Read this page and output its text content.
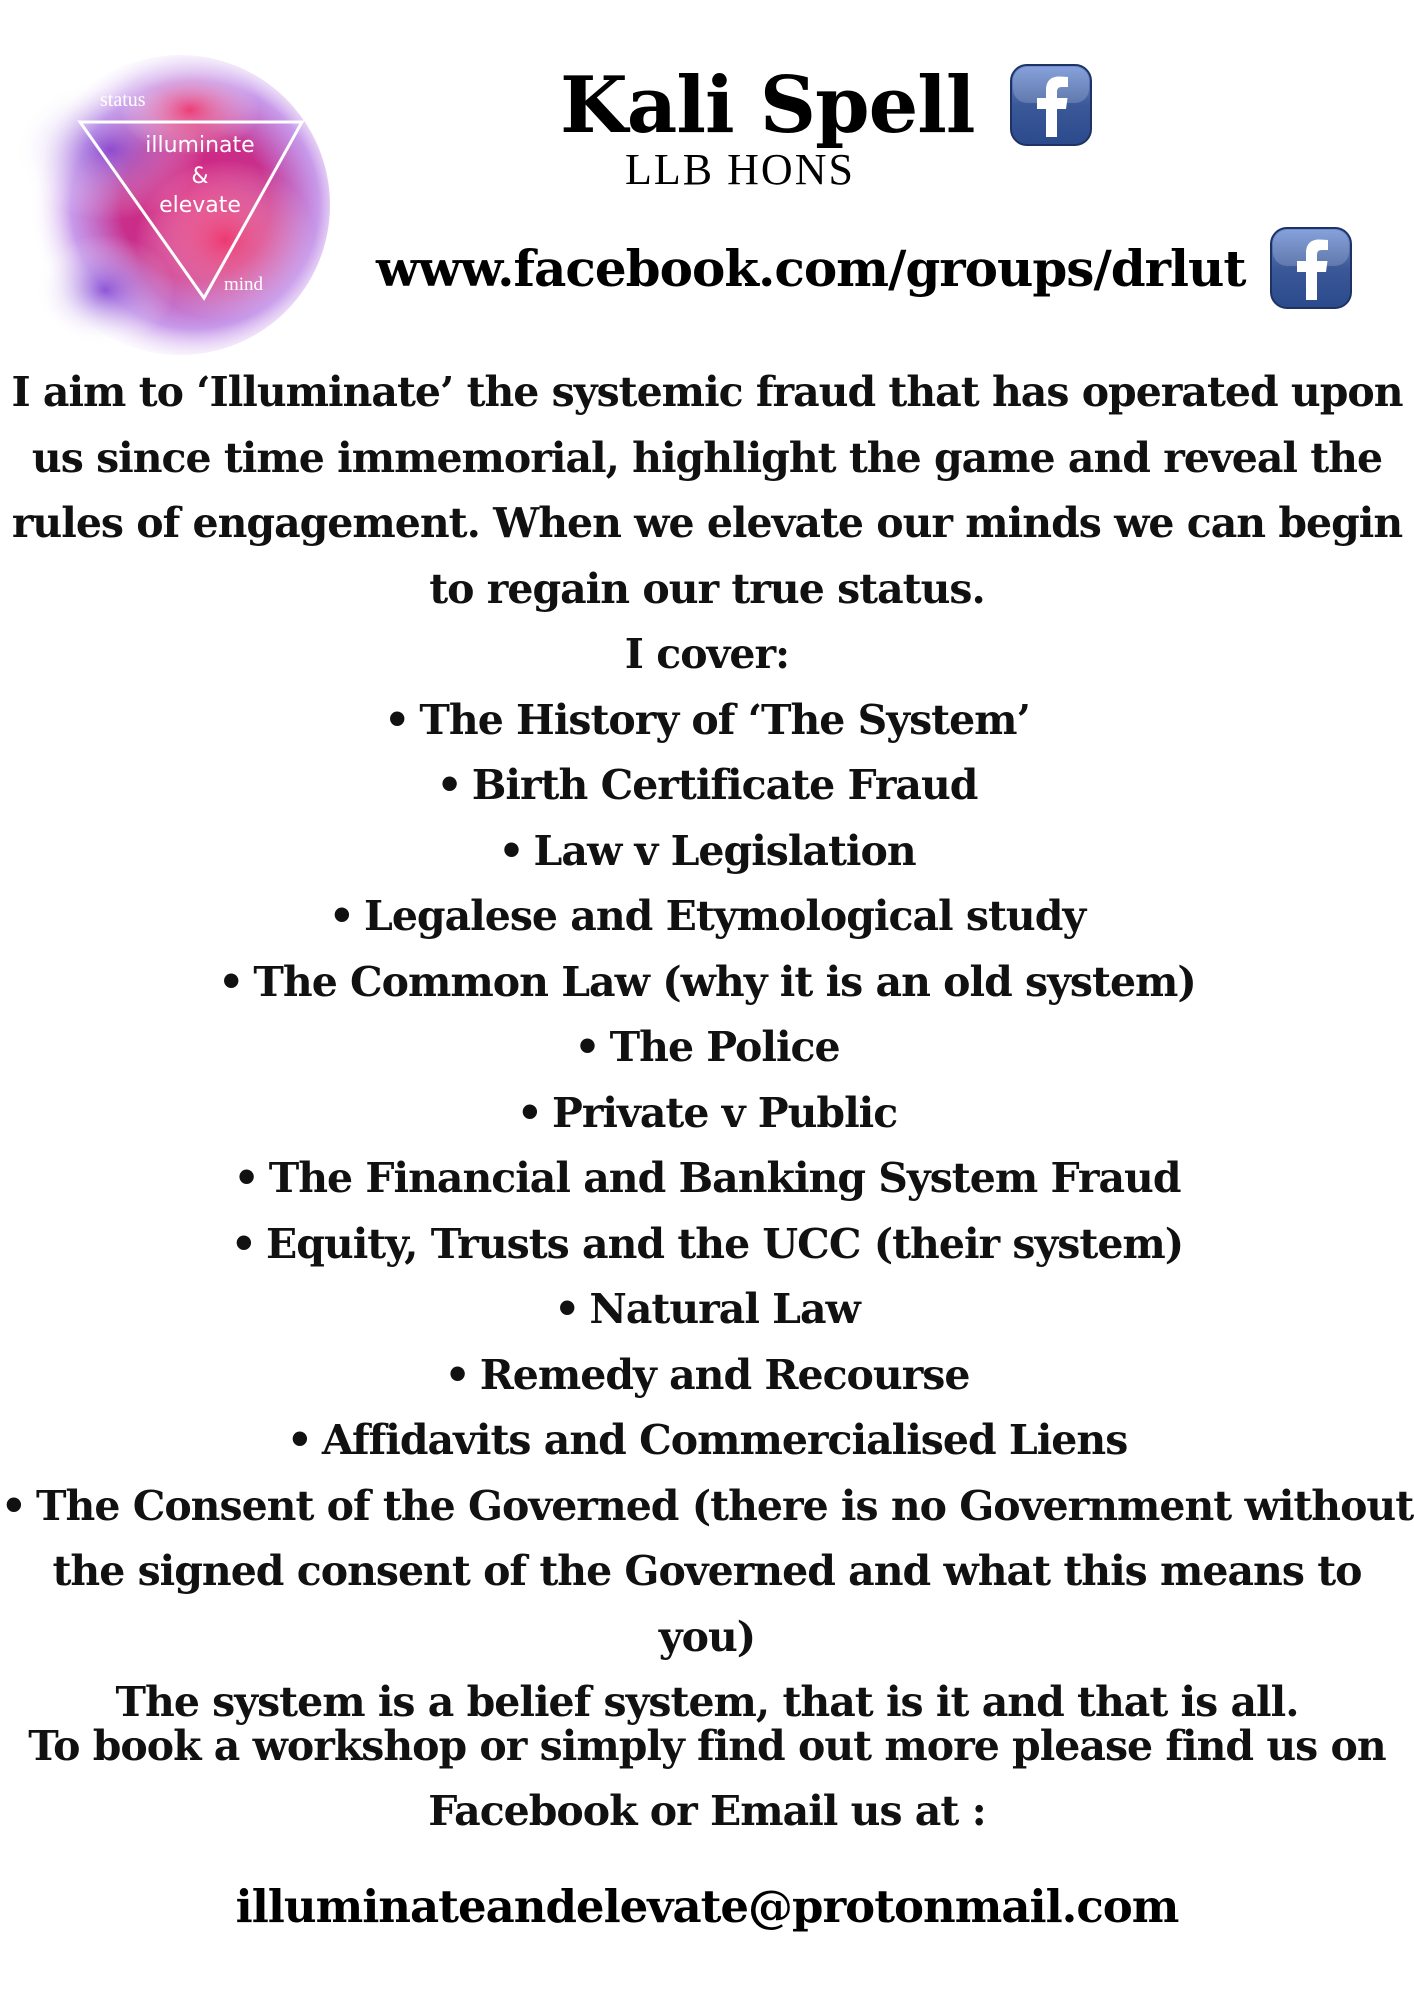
status
illuminate
&
elevate
mind
Kali Spell
LLB HONS
www.facebook.com/groups/drlut

I aim to ‘Illuminate’ the systemic fraud that has operated upon us since time immemorial, highlight the game and reveal the rules of engagement. When we elevate our minds we can begin to regain our true status.

I cover:

• The History of ‘The System’
• Birth Certificate Fraud
• Law v Legislation
• Legalese and Etymological study
• The Common Law (why it is an old system)
• The Police
• Private v Public
• The Financial and Banking System Fraud
• Equity, Trusts and the UCC (their system)
• Natural Law
• Remedy and Recourse
• Affidavits and Commercialised Liens
• The Consent of the Governed (there is no Government without the signed consent of the Governed and what this means to you)

The system is a belief system, that is it and that is all.

To book a workshop or simply find out more please find us on Facebook or Email us at :

illuminateandelevate@protonmail.com
